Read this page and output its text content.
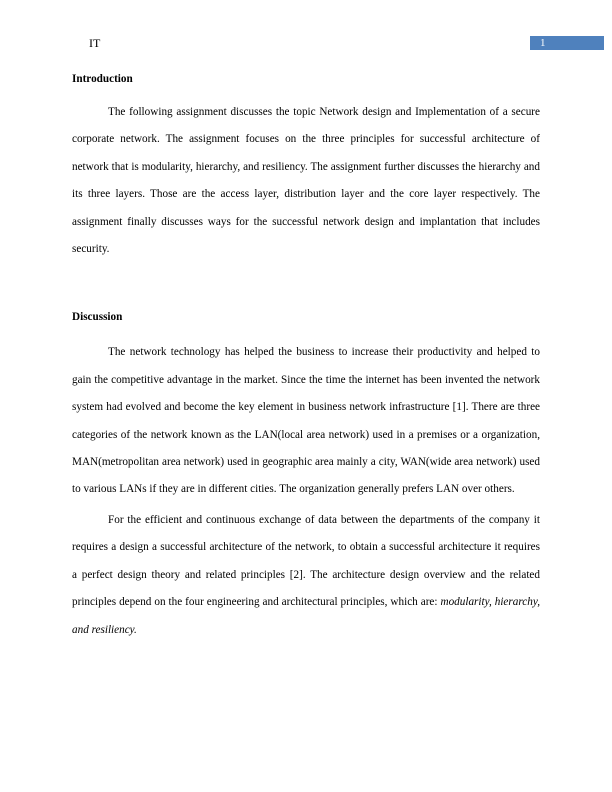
IT	1

Introduction

The following assignment discusses the topic Network design and Implementation of a secure corporate network. The assignment focuses on the three principles for successful architecture of network that is modularity, hierarchy, and resiliency. The assignment further discusses the hierarchy and its three layers. Those are the access layer, distribution layer and the core layer respectively. The assignment finally discusses ways for the successful network design and implantation that includes security.

Discussion

The network technology has helped the business to increase their productivity and helped to gain the competitive advantage in the market. Since the time the internet has been invented the network system had evolved and become the key element in business network infrastructure [1]. There are three categories of the network known as the LAN(local area network) used in a premises or a organization, MAN(metropolitan area network) used in geographic area mainly a city, WAN(wide area network) used to various LANs if they are in different cities. The organization generally prefers LAN over others.

For the efficient and continuous exchange of data between the departments of the company it requires a design a successful architecture of the network, to obtain a successful architecture it requires a perfect design theory and related principles [2]. The architecture design overview and the related principles depend on the four engineering and architectural principles, which are: modularity, hierarchy, and resiliency.
